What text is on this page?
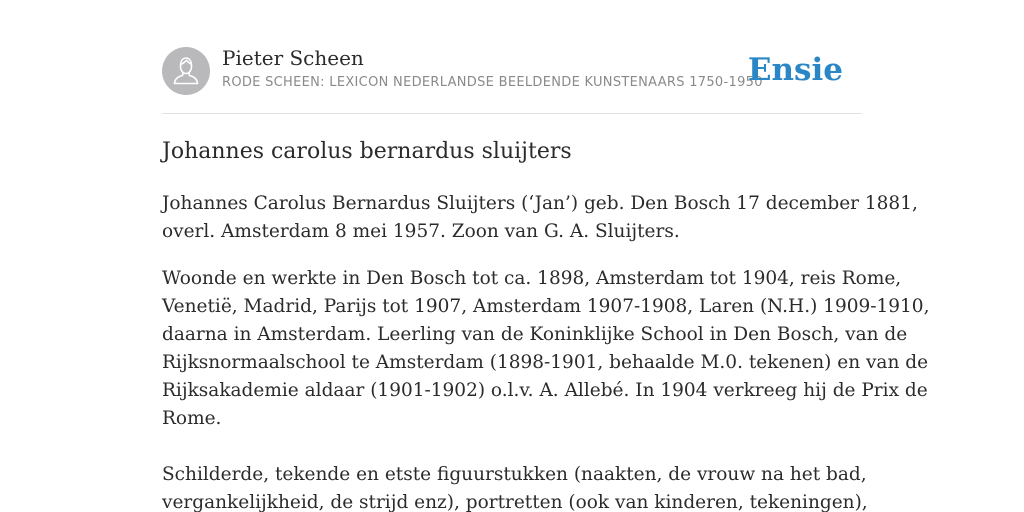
Pieter Scheen
RODE SCHEEN: LEXICON NEDERLANDSE BEELDENDE KUNSTENAARS 1750-1950
Ensie
Johannes carolus bernardus sluijters

Johannes Carolus Bernardus Sluijters (‘Jan’) geb. Den Bosch 17 december 1881,
overl. Amsterdam 8 mei 1957. Zoon van G. A. Sluijters.

Woonde en werkte in Den Bosch tot ca. 1898, Amsterdam tot 1904, reis Rome,
Venetië, Madrid, Parijs tot 1907, Amsterdam 1907-1908, Laren (N.H.) 1909-1910,
daarna in Amsterdam. Leerling van de Koninklijke School in Den Bosch, van de
Rijksnormaalschool te Amsterdam (1898-1901, behaalde M.0. tekenen) en van de
Rijksakademie aldaar (1901-1902) o.l.v. A. Allebé. In 1904 verkreeg hij de Prix de
Rome.
Schilderde, tekende en etste figuurstukken (naakten, de vrouw na het bad,
vergankelijkheid, de strijd enz), portretten (ook van kinderen, tekeningen),
